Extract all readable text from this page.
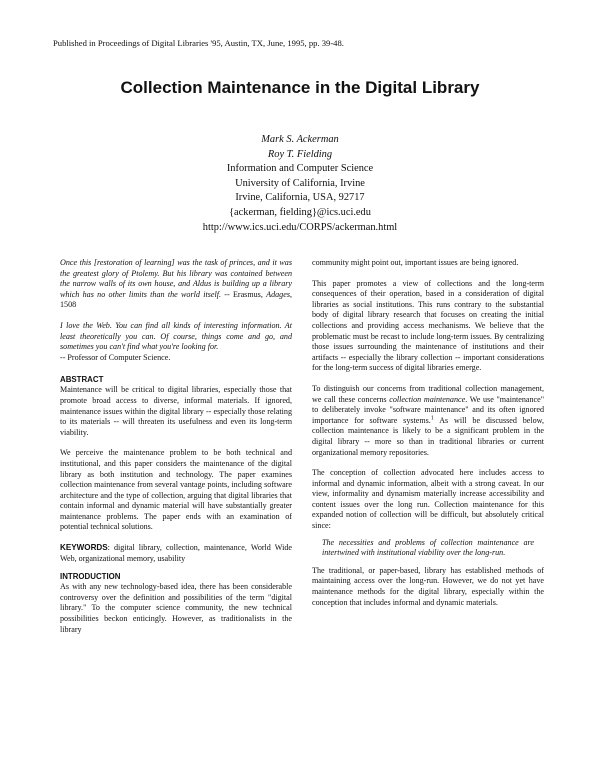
Published in Proceedings of Digital Libraries '95, Austin, TX, June, 1995, pp. 39-48.
Collection Maintenance in the Digital Library
Mark S. Ackerman
Roy T. Fielding
Information and Computer Science
University of California, Irvine
Irvine, California, USA, 92717
{ackerman, fielding}@ics.uci.edu
http://www.ics.uci.edu/CORPS/ackerman.html

Once this [restoration of learning] was the task of princes, and it was the greatest glory of Ptolemy. But his library was contained between the narrow walls of its own house, and Aldus is building up a library which has no other limits than the world itself. -- Erasmus, Adages, 1508

I love the Web. You can find all kinds of interesting information. At least theoretically you can. Of course, things come and go, and sometimes you can't find what you're looking for.
-- Professor of Computer Science.

ABSTRACT

Maintenance will be critical to digital libraries, especially those that promote broad access to diverse, informal materials. If ignored, maintenance issues within the digital library -- especially those relating to its materials -- will threaten its usefulness and even its long-term viability.

We perceive the maintenance problem to be both technical and institutional, and this paper considers the maintenance of the digital library as both institution and technology. The paper examines collection maintenance from several vantage points, including software architecture and the type of collection, arguing that digital libraries that contain informal and dynamic material will have substantially greater maintenance problems. The paper ends with an examination of potential technical solutions.

KEYWORDS: digital library, collection, maintenance, World Wide Web, organizational memory, usability

INTRODUCTION

As with any new technology-based idea, there has been considerable controversy over the definition and possibilities of the term "digital library." To the computer science community, the new technical possibilities beckon enticingly. However, as traditionalists in the library

community might point out, important issues are being ignored.

This paper promotes a view of collections and the long-term consequences of their operation, based in a consideration of digital libraries as social institutions. This runs contrary to the substantial body of digital library research that focuses on creating the initial collections and providing access mechanisms. We believe that the problematic must be recast to include long-term issues. By centralizing those issues surrounding the maintenance of institutions and their artifacts -- especially the library collection -- important considerations for the long-term success of digital libraries emerge.

To distinguish our concerns from traditional collection management, we call these concerns collection maintenance. We use "maintenance" to deliberately invoke "software maintenance" and its often ignored importance for software systems.$^1$ As will be discussed below, collection maintenance is likely to be a significant problem in the digital library -- more so than in traditional libraries or current organizational memory repositories.

The conception of collection advocated here includes access to informal and dynamic information, albeit with a strong caveat. In our view, informality and dynamism materially increase accessibility and content issues over the long run. Collection maintenance for this expanded notion of collection will be difficult, but absolutely critical since:

The necessities and problems of collection maintenance are intertwined with institutional viability over the long-run.

The traditional, or paper-based, library has established methods of maintaining access over the long-run. However, we do not yet have maintenance methods for the digital library, especially within the conception that includes informal and dynamic materials.
